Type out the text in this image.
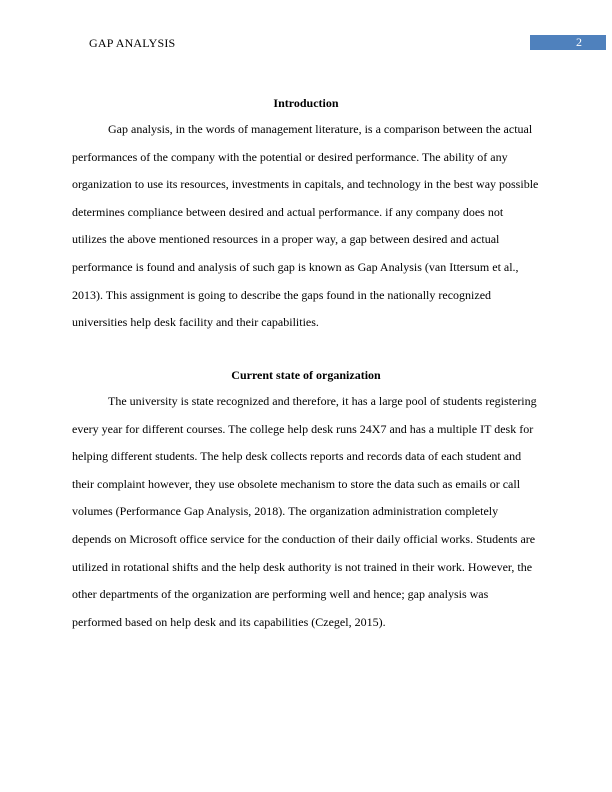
GAP ANALYSIS	2
Introduction
Gap analysis, in the words of management literature, is a comparison between the actual
performances of the company with the potential or desired performance. The ability of any
organization to use its resources, investments in capitals, and technology in the best way possible
determines compliance between desired and actual performance. if any company does not
utilizes the above mentioned resources in a proper way, a gap between desired and actual
performance is found and analysis of such gap is known as Gap Analysis (van Ittersum et al.,
2013). This assignment is going to describe the gaps found in the nationally recognized
universities help desk facility and their capabilities.
Current state of organization
The university is state recognized and therefore, it has a large pool of students registering
every year for different courses. The college help desk runs 24X7 and has a multiple IT desk for
helping different students. The help desk collects reports and records data of each student and
their complaint however, they use obsolete mechanism to store the data such as emails or call
volumes (Performance Gap Analysis, 2018). The organization administration completely
depends on Microsoft office service for the conduction of their daily official works. Students are
utilized in rotational shifts and the help desk authority is not trained in their work. However, the
other departments of the organization are performing well and hence; gap analysis was
performed based on help desk and its capabilities (Czegel, 2015).
